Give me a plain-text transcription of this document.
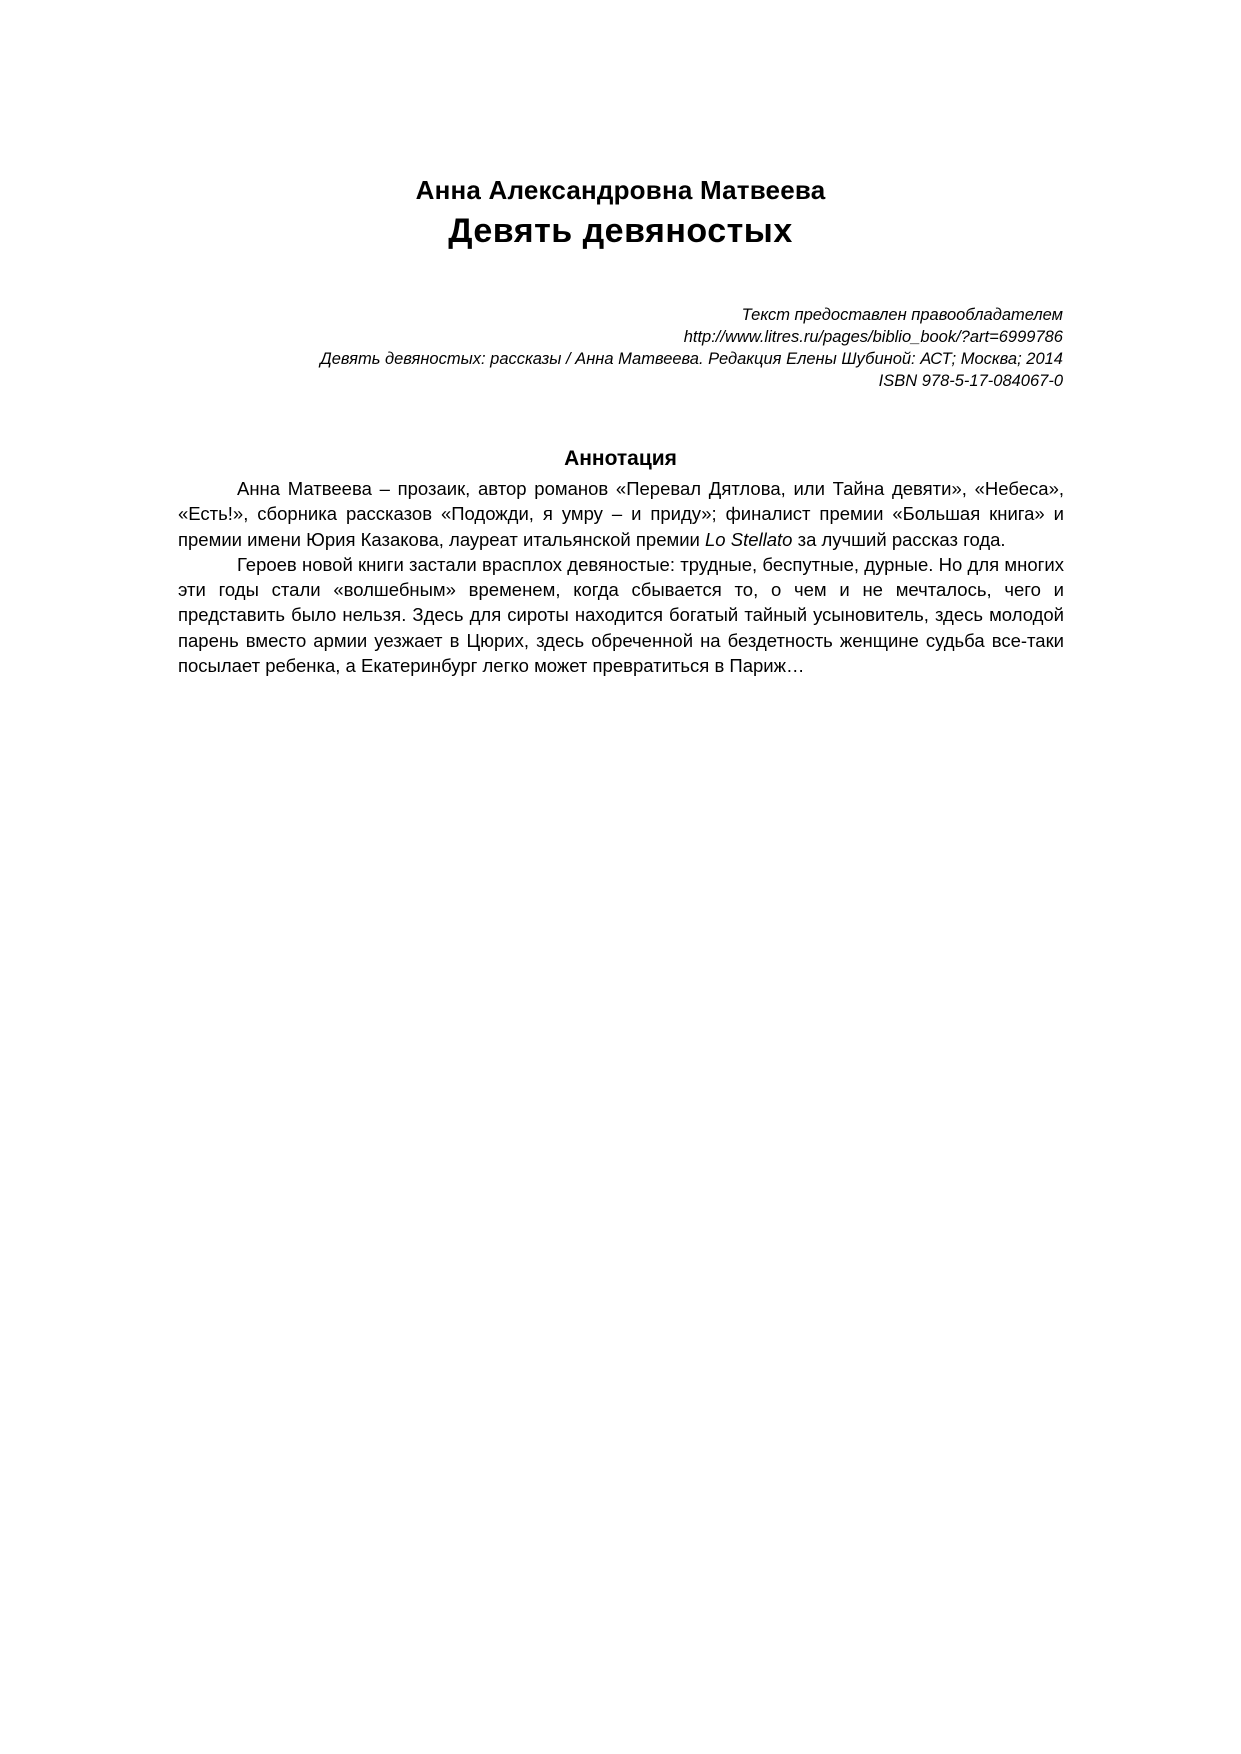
Анна Александровна Матвеева
Девять девяностых
Текст предоставлен правообладателем
http://www.litres.ru/pages/biblio_book/?art=6999786
Девять девяностых: рассказы / Анна Матвеева. Редакция Елены Шубиной: АСТ; Москва; 2014
ISBN 978-5-17-084067-0
Аннотация

Анна Матвеева – прозаик, автор романов «Перевал Дятлова, или Тайна девяти», «Небеса», «Есть!», сборника рассказов «Подожди, я умру – и приду»; финалист премии «Большая книга» и премии имени Юрия Казакова, лауреат итальянской премии Lo Stellato за лучший рассказ года.

Героев новой книги застали врасплох девяностые: трудные, беспутные, дурные. Но для многих эти годы стали «волшебным» временем, когда сбывается то, о чем и не мечталось, чего и представить было нельзя. Здесь для сироты находится богатый тайный усыновитель, здесь молодой парень вместо армии уезжает в Цюрих, здесь обреченной на бездетность женщине судьба все-таки посылает ребенка, а Екатеринбург легко может превратиться в Париж…
